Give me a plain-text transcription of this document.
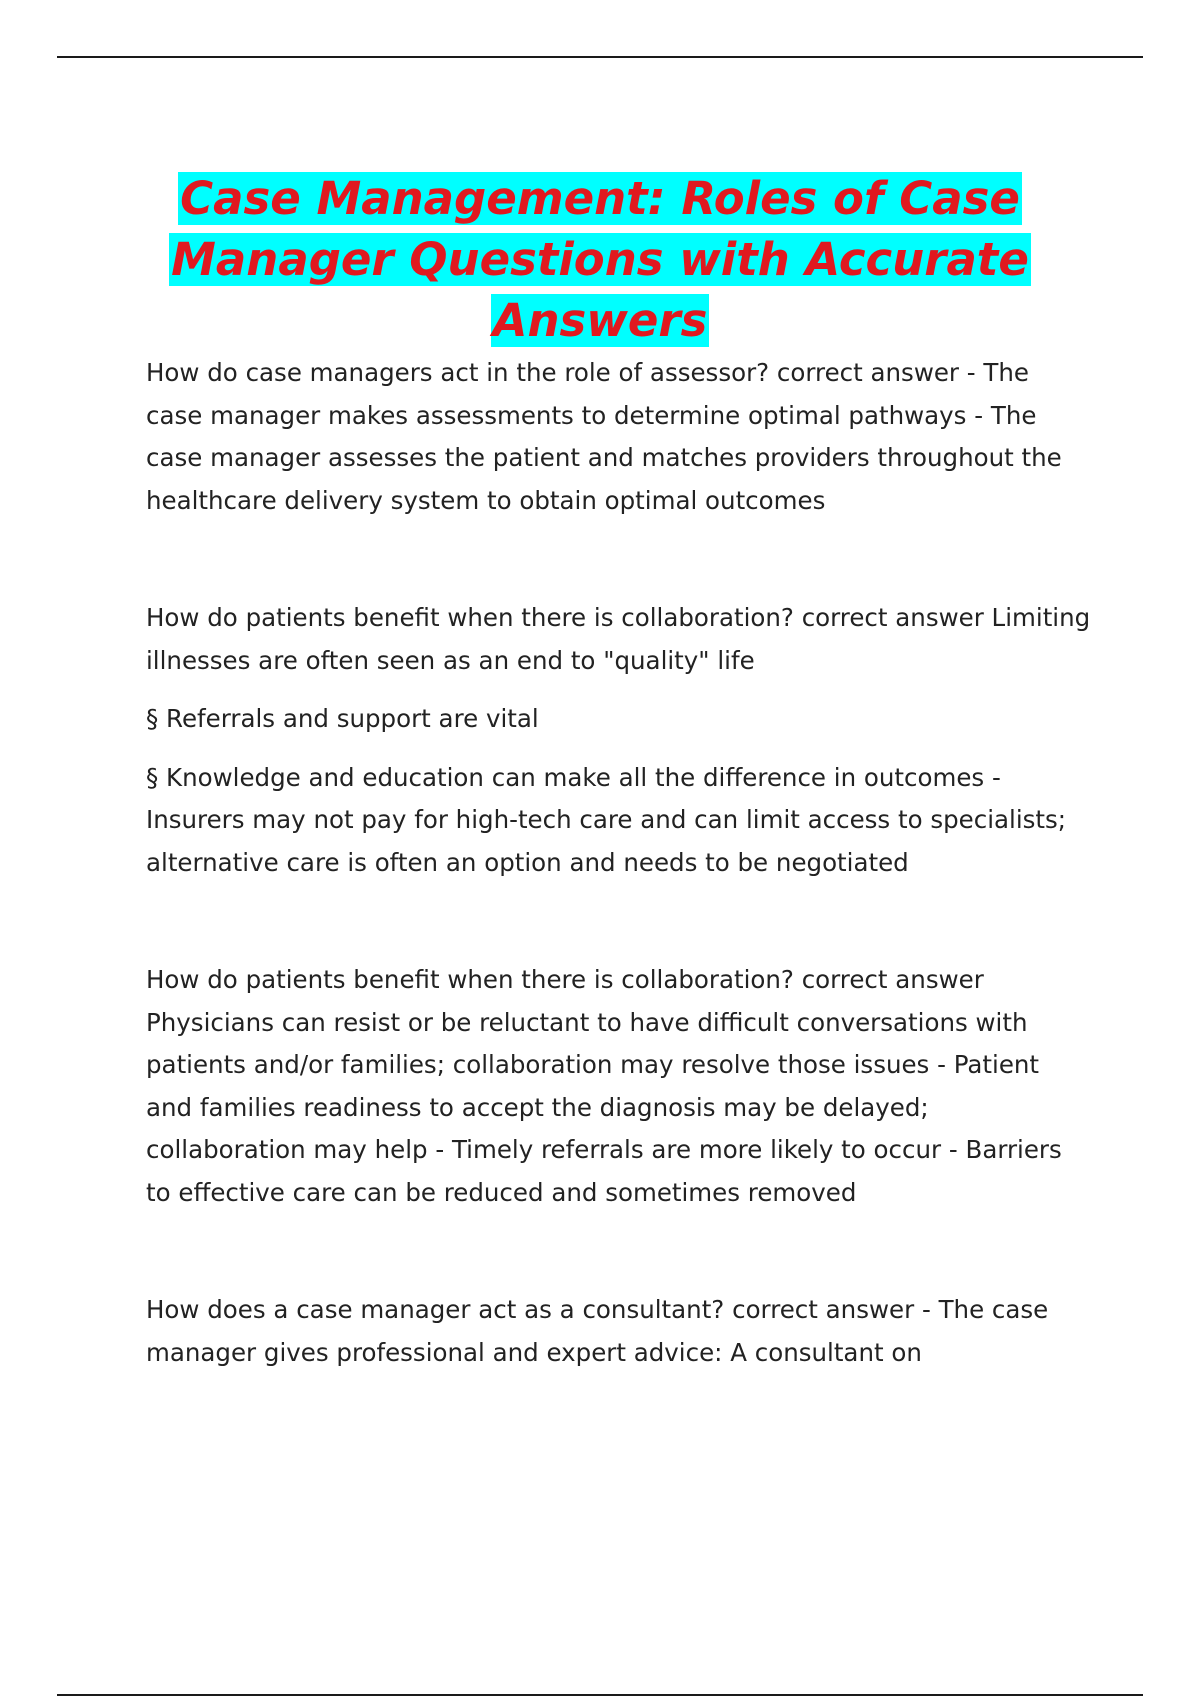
Case Management: Roles of Case Manager Questions with Accurate Answers

How do case managers act in the role of assessor? correct answer - The case manager makes assessments to determine optimal pathways - The case manager assesses the patient and matches providers throughout the healthcare delivery system to obtain optimal outcomes

How do patients benefit when there is collaboration? correct answer Limiting illnesses are often seen as an end to "quality" life

§ Referrals and support are vital

§ Knowledge and education can make all the difference in outcomes - Insurers may not pay for high-tech care and can limit access to specialists; alternative care is often an option and needs to be negotiated

How do patients benefit when there is collaboration? correct answer Physicians can resist or be reluctant to have difficult conversations with patients and/or families; collaboration may resolve those issues - Patient and families readiness to accept the diagnosis may be delayed; collaboration may help - Timely referrals are more likely to occur - Barriers to effective care can be reduced and sometimes removed

How does a case manager act as a consultant? correct answer - The case manager gives professional and expert advice: A consultant on
